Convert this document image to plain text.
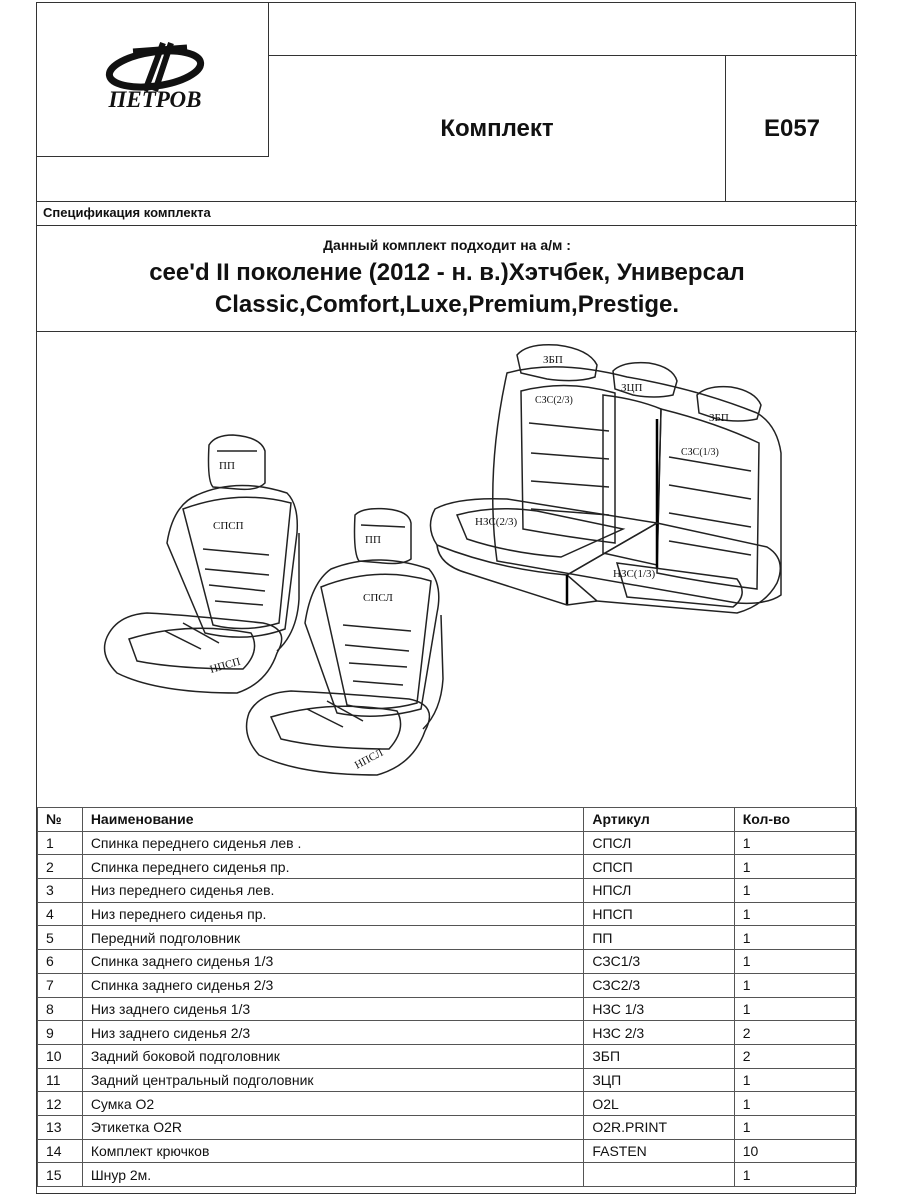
ПЕТРОВ
Комплект	E057
Спецификация комплекта
Данный комплект подходит на а/м :
cee'd II поколение (2012 - н. в.)Хэтчбек, Универсал
Classic,Comfort,Luxe,Premium,Prestige.
ПП
СПСП
НПСП
ПП
СПСЛ
НПСЛ
ЗБП
ЗЦП
ЗБП
СЗС(2/3)
СЗС(1/3)
НЗС(2/3)
НЗС(1/3)
№	Наименование	Артикул	Кол-во
1	Спинка переднего сиденья лев .	СПСЛ	1
2	Спинка переднего сиденья пр.	СПСП	1
3	Низ переднего сиденья лев.	НПСЛ	1
4	Низ переднего сиденья пр.	НПСП	1
5	Передний подголовник	ПП	1
6	Спинка заднего сиденья 1/3	СЗС1/3	1
7	Спинка заднего сиденья 2/3	СЗС2/3	1
8	Низ заднего сиденья 1/3	НЗС 1/3	1
9	Низ заднего сиденья 2/3	НЗС 2/3	2
10	Задний боковой подголовник	ЗБП	2
11	Задний центральный подголовник	ЗЦП	1
12	Сумка О2	О2L	1
13	Этикетка О2R	O2R.PRINT	1
14	Комплект крючков	FASTEN	10
15	Шнур 2м.		1
